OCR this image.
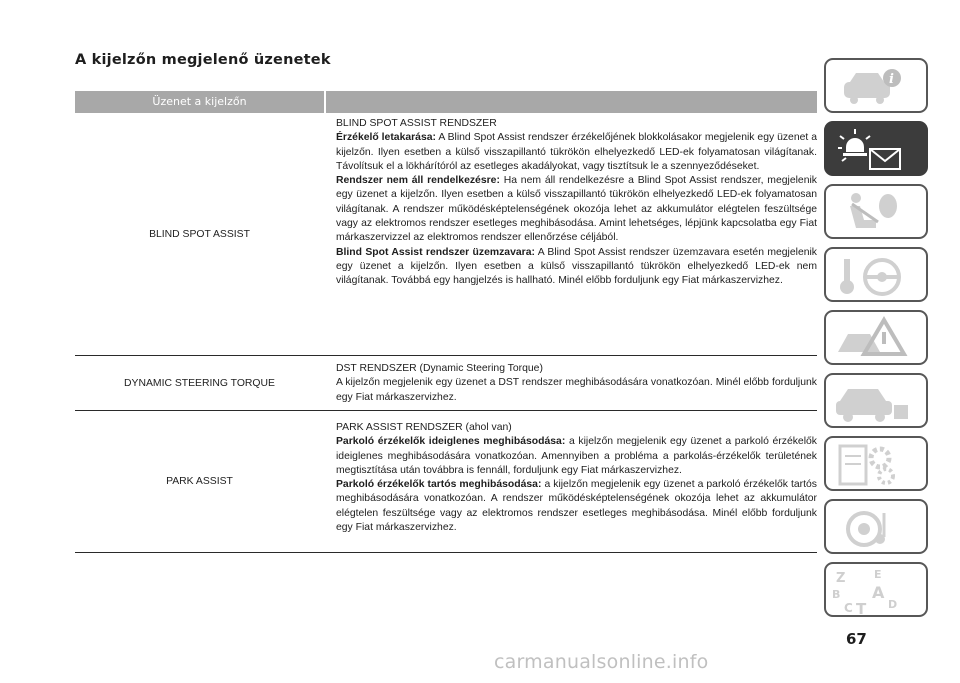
A kijelzőn megjelenő üzenetek
Üzenet a kijelzőn
BLIND SPOT ASSIST
BLIND SPOT ASSIST RENDSZER
Érzékelő letakarása: A Blind Spot Assist rendszer érzékelőjének blokkolásakor megjelenik egy üzenet a kijelzőn. Ilyen esetben a külső visszapillantó tükrökön elhelyezkedő LED-ek folyamatosan világítanak. Távolítsuk el a lökhárítóról az esetleges akadályokat, vagy tisztítsuk le a szennyeződéseket.
Rendszer nem áll rendelkezésre: Ha nem áll rendelkezésre a Blind Spot Assist rendszer, megjelenik egy üzenet a kijelzőn. Ilyen esetben a külső visszapillantó tükrökön elhelyezkedő LED-ek folyamatosan világítanak. A rendszer működésképtelenségének okozója lehet az akkumulátor elégtelen feszültsége vagy az elektromos rendszer esetleges meghibásodása. Amint lehetséges, lépjünk kapcsolatba egy Fiat márkaszervizzel az elektromos rendszer ellenőrzése céljából.
Blind Spot Assist rendszer üzemzavara: A Blind Spot Assist rendszer üzemzavara esetén megjelenik egy üzenet a kijelzőn. Ilyen esetben a külső visszapillantó tükrökön elhelyezkedő LED-ek nem világítanak. Továbbá egy hangjelzés is hallható. Minél előbb forduljunk egy Fiat márkaszervizhez.
DYNAMIC STEERING TORQUE
DST RENDSZER (Dynamic Steering Torque)
A kijelzőn megjelenik egy üzenet a DST rendszer meghibásodására vonatkozóan. Minél előbb forduljunk egy Fiat márkaszervizhez.
PARK ASSIST
PARK ASSIST RENDSZER (ahol van)
Parkoló érzékelők ideiglenes meghibásodása: a kijelzőn megjelenik egy üzenet a parkoló érzékelők ideiglenes meghibásodására vonatkozóan. Amennyiben a probléma a parkolás-érzékelők területének megtisztítása után továbbra is fennáll, forduljunk egy Fiat márkaszervizhez.
Parkoló érzékelők tartós meghibásodása: a kijelzőn megjelenik egy üzenet a parkoló érzékelők tartós meghibásodására vonatkozóan. A rendszer működésképtelenségének okozója lehet az akkumulátor elégtelen feszültsége vagy az elektromos rendszer esetleges meghibásodása. Minél előbb forduljunk egy Fiat márkaszervizhez.
i
Z	E
B A
C T D
67
carmanualsonline.info
